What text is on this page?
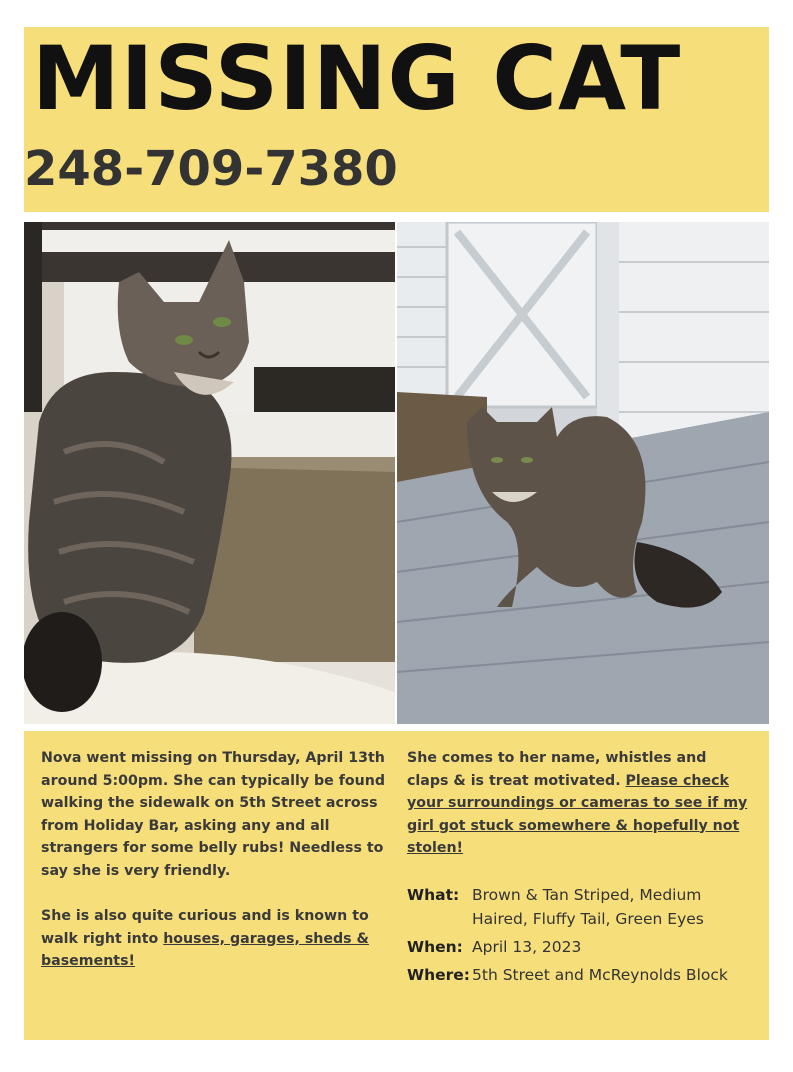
MISSING CAT
248-709-7380

Nova went missing on Thursday, April 13th around 5:00pm. She can typically be found walking the sidewalk on 5th Street across from Holiday Bar, asking any and all strangers for some belly rubs! Needless to say she is very friendly.

She is also quite curious and is known to walk right into houses, garages, sheds & basements!

She comes to her name, whistles and claps & is treat motivated. Please check your surroundings or cameras to see if my girl got stuck somewhere & hopefully not stolen!

What: Brown & Tan Striped, Medium Haired, Fluffy Tail, Green Eyes
When: April 13, 2023
Where: 5th Street and McReynolds Block
